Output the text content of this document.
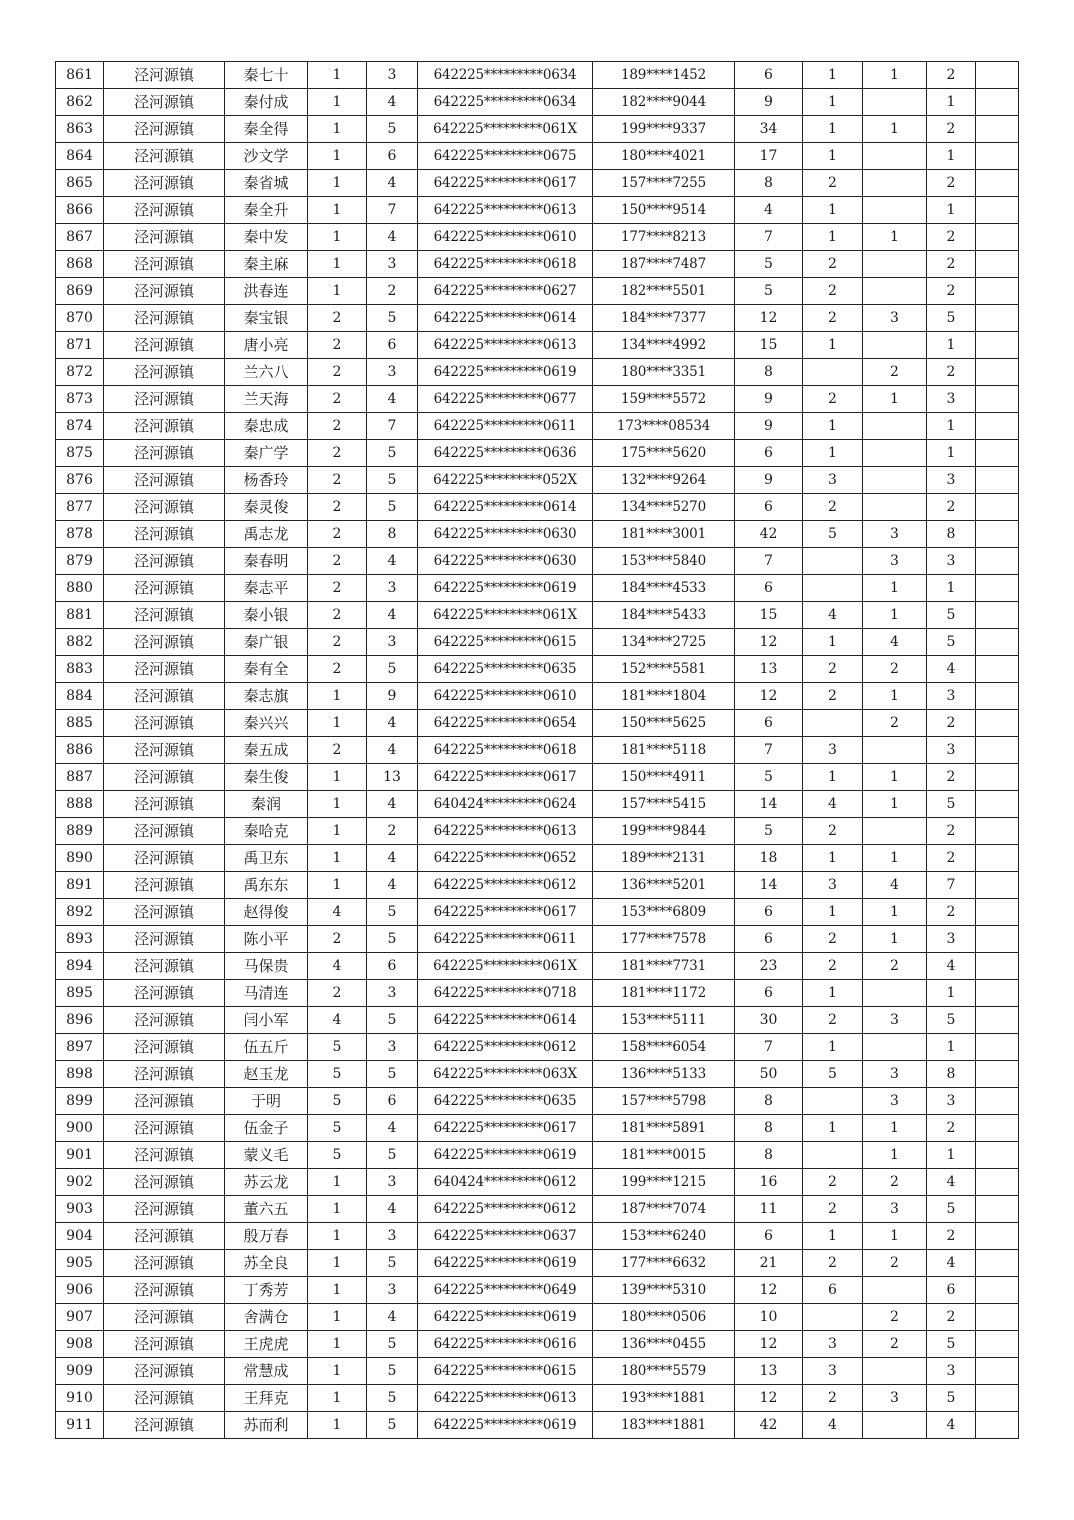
861	泾河源镇	秦七十	1	3	642225*********0634	189****1452	6	1	1	2	
862	泾河源镇	秦付成	1	4	642225*********0634	182****9044	9	1		1	
863	泾河源镇	秦全得	1	5	642225*********061X	199****9337	34	1	1	2	
864	泾河源镇	沙文学	1	6	642225*********0675	180****4021	17	1		1	
865	泾河源镇	秦省城	1	4	642225*********0617	157****7255	8	2		2	
866	泾河源镇	秦全升	1	7	642225*********0613	150****9514	4	1		1	
867	泾河源镇	秦中发	1	4	642225*********0610	177****8213	7	1	1	2	
868	泾河源镇	秦主麻	1	3	642225*********0618	187****7487	5	2		2	
869	泾河源镇	洪春连	1	2	642225*********0627	182****5501	5	2		2	
870	泾河源镇	秦宝银	2	5	642225*********0614	184****7377	12	2	3	5	
871	泾河源镇	唐小亮	2	6	642225*********0613	134****4992	15	1		1	
872	泾河源镇	兰六八	2	3	642225*********0619	180****3351	8		2	2	
873	泾河源镇	兰天海	2	4	642225*********0677	159****5572	9	2	1	3	
874	泾河源镇	秦忠成	2	7	642225*********0611	173****08534	9	1		1	
875	泾河源镇	秦广学	2	5	642225*********0636	175****5620	6	1		1	
876	泾河源镇	杨香玲	2	5	642225*********052X	132****9264	9	3		3	
877	泾河源镇	秦灵俊	2	5	642225*********0614	134****5270	6	2		2	
878	泾河源镇	禹志龙	2	8	642225*********0630	181****3001	42	5	3	8	
879	泾河源镇	秦春明	2	4	642225*********0630	153****5840	7		3	3	
880	泾河源镇	秦志平	2	3	642225*********0619	184****4533	6		1	1	
881	泾河源镇	秦小银	2	4	642225*********061X	184****5433	15	4	1	5	
882	泾河源镇	秦广银	2	3	642225*********0615	134****2725	12	1	4	5	
883	泾河源镇	秦有全	2	5	642225*********0635	152****5581	13	2	2	4	
884	泾河源镇	秦志旗	1	9	642225*********0610	181****1804	12	2	1	3	
885	泾河源镇	秦兴兴	1	4	642225*********0654	150****5625	6		2	2	
886	泾河源镇	秦五成	2	4	642225*********0618	181****5118	7	3		3	
887	泾河源镇	秦生俊	1	13	642225*********0617	150****4911	5	1	1	2	
888	泾河源镇	秦润	1	4	640424*********0624	157****5415	14	4	1	5	
889	泾河源镇	秦哈克	1	2	642225*********0613	199****9844	5	2		2	
890	泾河源镇	禹卫东	1	4	642225*********0652	189****2131	18	1	1	2	
891	泾河源镇	禹东东	1	4	642225*********0612	136****5201	14	3	4	7	
892	泾河源镇	赵得俊	4	5	642225*********0617	153****6809	6	1	1	2	
893	泾河源镇	陈小平	2	5	642225*********0611	177****7578	6	2	1	3	
894	泾河源镇	马保贵	4	6	642225*********061X	181****7731	23	2	2	4	
895	泾河源镇	马清连	2	3	642225*********0718	181****1172	6	1		1	
896	泾河源镇	闫小军	4	5	642225*********0614	153****5111	30	2	3	5	
897	泾河源镇	伍五斤	5	3	642225*********0612	158****6054	7	1		1	
898	泾河源镇	赵玉龙	5	5	642225*********063X	136****5133	50	5	3	8	
899	泾河源镇	于明	5	6	642225*********0635	157****5798	8		3	3	
900	泾河源镇	伍金子	5	4	642225*********0617	181****5891	8	1	1	2	
901	泾河源镇	蒙义毛	5	5	642225*********0619	181****0015	8		1	1	
902	泾河源镇	苏云龙	1	3	640424*********0612	199****1215	16	2	2	4	
903	泾河源镇	董六五	1	4	642225*********0612	187****7074	11	2	3	5	
904	泾河源镇	殷万春	1	3	642225*********0637	153****6240	6	1	1	2	
905	泾河源镇	苏全良	1	5	642225*********0619	177****6632	21	2	2	4	
906	泾河源镇	丁秀芳	1	3	642225*********0649	139****5310	12	6		6	
907	泾河源镇	舍满仓	1	4	642225*********0619	180****0506	10		2	2	
908	泾河源镇	王虎虎	1	5	642225*********0616	136****0455	12	3	2	5	
909	泾河源镇	常慧成	1	5	642225*********0615	180****5579	13	3		3	
910	泾河源镇	王拜克	1	5	642225*********0613	193****1881	12	2	3	5	
911	泾河源镇	苏而利	1	5	642225*********0619	183****1881	42	4		4	
